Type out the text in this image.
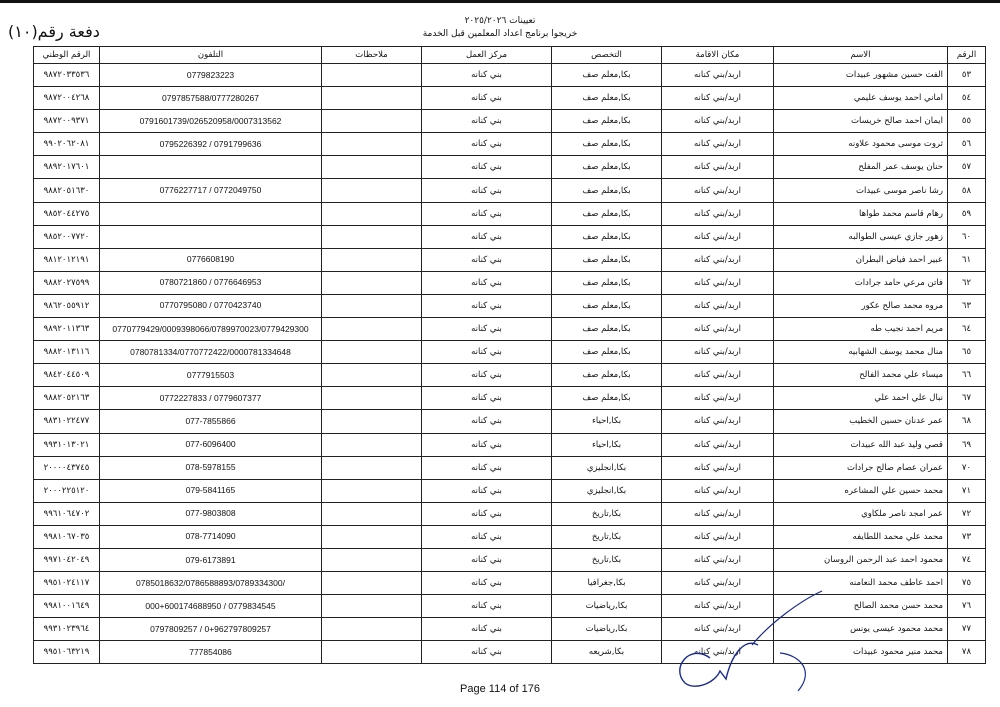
تعيينات ٢٠٢٥/٢٠٢٦
خريجوا برنامج اعداد المعلمين قبل الخدمة
دفعة رقم(١٠)
الرقم	الاسم	مكان الاقامة	التخصص	مركز العمل	ملاحظات	التلفون	الرقم الوطني
٥٣	الفت حسين مشهور عبيدات	اربد/بني كنانه	بكا,معلم صف	بني كنانه		0779823223	٩٨٧٢٠٣٣٥٣٦
٥٤	اماني احمد يوسف عليمي	اربد/بني كنانه	بكا,معلم صف	بني كنانه		0797857588/0777280267	٩٨٧٢٠٠٤٢٦٨
٥٥	ايمان احمد صالح خريسات	اربد/بني كنانه	بكا,معلم صف	بني كنانه		0791601739/026520958/0007313562	٩٨٧٢٠٠٩٣٧١
٥٦	ثروت موسى محمود علاونه	اربد/بني كنانه	بكا,معلم صف	بني كنانه		0795226392 / 0791799636	٩٩٠٢٠٦٢٠٨١
٥٧	حنان يوسف عمر المفلح	اربد/بني كنانه	بكا,معلم صف	بني كنانه			٩٨٩٢٠١٧٦٠١
٥٨	رشا ناصر موسى عبيدات	اربد/بني كنانه	بكا,معلم صف	بني كنانه		0776227717 / 0772049750	٩٨٨٢٠٥١٦٣٠
٥٩	رهام قاسم محمد طواها	اربد/بني كنانه	بكا,معلم صف	بني كنانه			٩٨٥٢٠٤٤٢٧٥
٦٠	زهور جازي عيسى الطوالبه	اربد/بني كنانه	بكا,معلم صف	بني كنانه			٩٨٥٢٠٠٧٧٢٠
٦١	عبير احمد فياض البطران	اربد/بني كنانه	بكا,معلم صف	بني كنانه		0776608190	٩٨١٢٠١٢١٩١
٦٢	فاتن مرعي حامد جرادات	اربد/بني كنانه	بكا,معلم صف	بني كنانه		0780721860 / 0776646953	٩٨٨٢٠٢٧٥٩٩
٦٣	مروه محمد صالح عكور	اربد/بني كنانه	بكا,معلم صف	بني كنانه		0770795080 / 0770423740	٩٨٦٢٠٥٥٩١٢
٦٤	مريم احمد نجيب طه	اربد/بني كنانه	بكا,معلم صف	بني كنانه		0770779429/0009398066/0789970023/0779429300	٩٨٩٢٠١١٣٦٣
٦٥	منال محمد يوسف الشهابيه	اربد/بني كنانه	بكا,معلم صف	بني كنانه		0780781334/0770772422/0000781334648	٩٨٨٢٠١٣١١٦
٦٦	ميساء علي محمد الفالح	اربد/بني كنانه	بكا,معلم صف	بني كنانه		0777915503	٩٨٤٢٠٤٤٥٠٩
٦٧	نبال علي احمد علي	اربد/بني كنانه	بكا,معلم صف	بني كنانه		0772227833 / 0779607377	٩٨٨٢٠٥٢١٦٣
٦٨	عمر عدنان حسين الخطيب	اربد/بني كنانه	بكا,احياء	بني كنانه		077-7855866	٩٨٣١٠٢٢٤٧٧
٦٩	قصي وليد عبد الله عبيدات	اربد/بني كنانه	بكا,احياء	بني كنانه		077-6096400	٩٩٣١٠١٣٠٢١
٧٠	عمران عصام صالح جرادات	اربد/بني كنانه	بكا,انجليزي	بني كنانه		078-5978155	٢٠٠٠٠٤٣٧٤٥
٧١	محمد حسين علي المشاعره	اربد/بني كنانه	بكا,انجليزي	بني كنانه		079-5841165	٢٠٠٠٢٢٥١٢٠
٧٢	عمر امجد ناصر ملكاوي	اربد/بني كنانه	بكا,تاريخ	بني كنانه		077-9803808	٩٩٦١٠٦٤٧٠٢
٧٣	محمد علي محمد اللطايفه	اربد/بني كنانه	بكا,تاريخ	بني كنانه		078-7714090	٩٩٨١٠٦٧٠٣٥
٧٤	محمود احمد عبد الرحمن الروسان	اربد/بني كنانه	بكا,تاريخ	بني كنانه		079-6173891	٩٩٧١٠٤٢٠٤٩
٧٥	احمد عاطف محمد النعامنه	اربد/بني كنانه	بكا,جغرافيا	بني كنانه		0785018632/0786588893/0789334300/	٩٩٥١٠٢٤١١٧
٧٦	محمد حسن محمد الصالح	اربد/بني كنانه	بكا,رياضيات	بني كنانه		000+600174688950 / 0779834545	٩٩٨١٠٠١٦٤٩
٧٧	محمد محمود عيسى يونس	اربد/بني كنانه	بكا,رياضيات	بني كنانه		0797809257 / 0+962797809257	٩٩٣١٠٢٣٩٦٤
٧٨	محمد منير محمود عبيدات	اربد/بني كنانه	بكا,شريعه	بني كنانه		777854086	٩٩٥١٠٦٣٢١٩
Page 114 of 176
